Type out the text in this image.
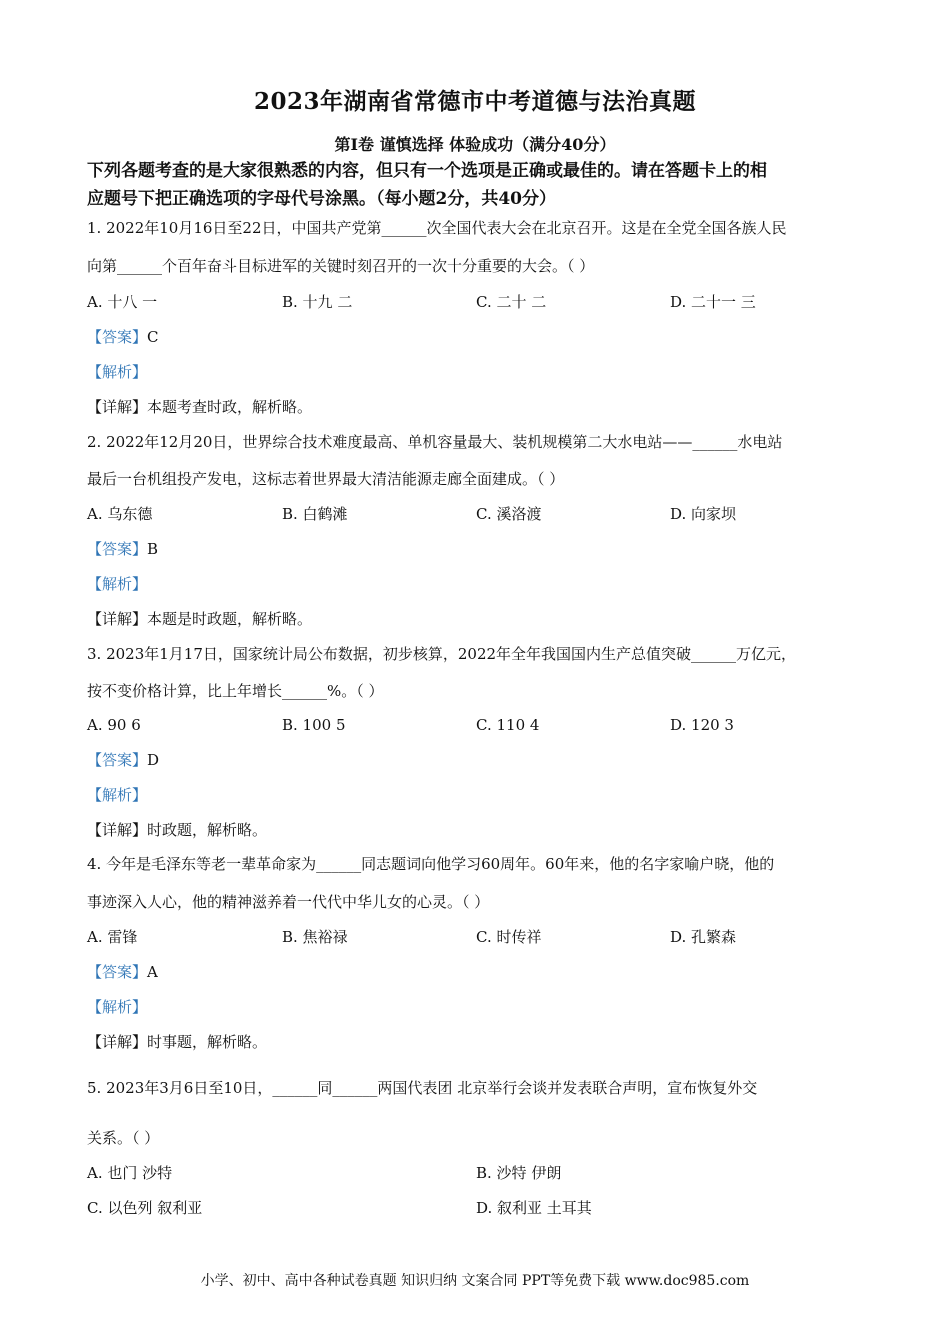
2023年湖南省常德市中考道德与法治真题
第Ⅰ卷 谨慎选择 体验成功（满分40分）
下列各题考查的是大家很熟悉的内容，但只有一个选项是正确或最佳的。请在答题卡上的相
应题号下把正确选项的字母代号涂黑。（每小题2分，共40分）
1. 2022年10月16日至22日，中国共产党第______次全国代表大会在北京召开。这是在全党全国各族人民
向第______个百年奋斗目标进军的关键时刻召开的一次十分重要的大会。（ ）
A. 十八 一	B. 十九 二	C. 二十 二	D. 二十一 三
【答案】C
【解析】
【详解】本题考查时政，解析略。
2. 2022年12月20日，世界综合技术难度最高、单机容量最大、装机规模第二大水电站——______水电站
最后一台机组投产发电，这标志着世界最大清洁能源走廊全面建成。（ ）
A. 乌东德	B. 白鹤滩	C. 溪洛渡	D. 向家坝
【答案】B
【解析】
【详解】本题是时政题，解析略。
3. 2023年1月17日，国家统计局公布数据，初步核算，2022年全年我国国内生产总值突破______万亿元，
按不变价格计算，比上年增长______%。（ ）
A. 90 6	B. 100 5	C. 110 4	D. 120 3
【答案】D
【解析】
【详解】时政题，解析略。
4. 今年是毛泽东等老一辈革命家为______同志题词向他学习60周年。60年来，他的名字家喻户晓，他的
事迹深入人心，他的精神滋养着一代代中华儿女的心灵。（ ）
A. 雷锋	B. 焦裕禄	C. 时传祥	D. 孔繁森
【答案】A
【解析】
【详解】时事题，解析略。
5. 2023年3月6日至10日，______同______两国代表团 北京举行会谈并发表联合声明，宣布恢复外交
关系。（ ）
A. 也门 沙特	B. 沙特 伊朗
C. 以色列 叙利亚	D. 叙利亚 土耳其
小学、初中、高中各种试卷真题 知识归纳 文案合同 PPT等免费下载 www.doc985.com
